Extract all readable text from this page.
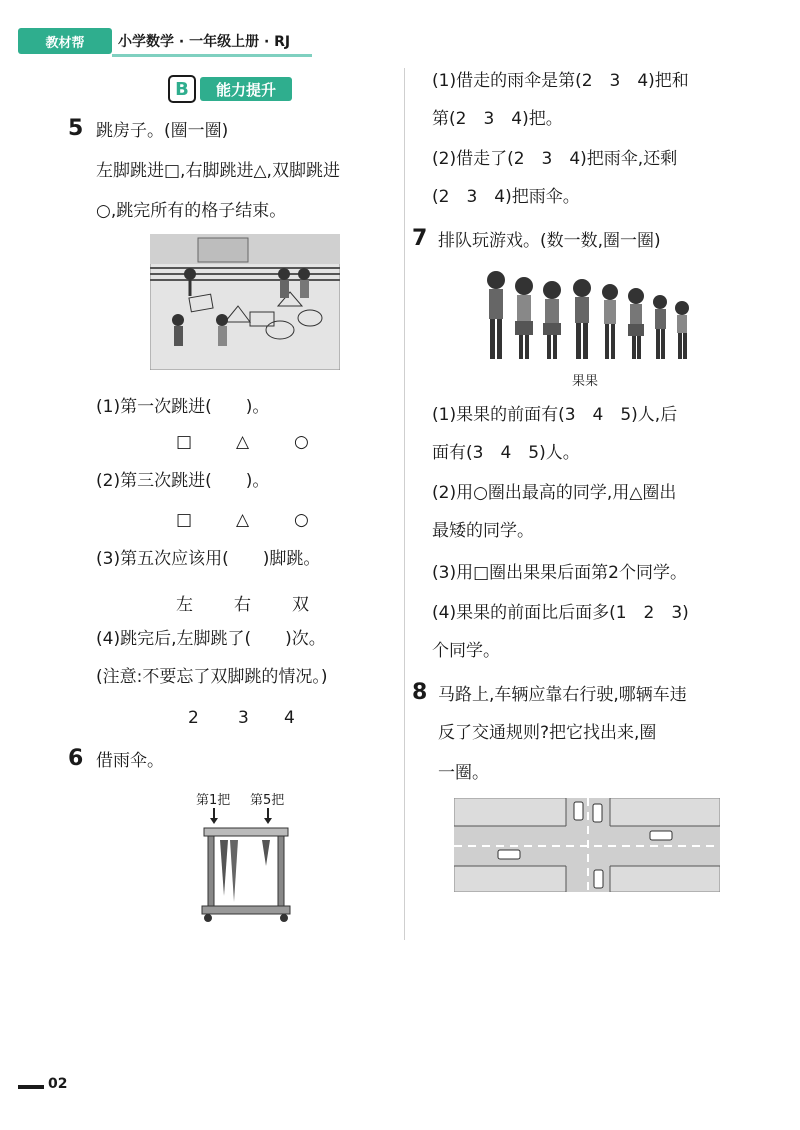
教材帮	小学数学 · 一年级上册 · RJ
B	能力提升
5 跳房子。(圈一圈)
左脚跳进□,右脚跳进△,双脚跳进
○,跳完所有的格子结束。
(1)第一次跳进(　　)。
□	△	○
(2)第三次跳进(　　)。
□	△	○
(3)第五次应该用(　　)脚跳。
左 右 双
(4)跳完后,左脚跳了(　　)次。
(注意:不要忘了双脚跳的情况。)
2 3 4
6 借雨伞。
第1把 第5把
(1)借走的雨伞是第(2　3　4)把和
第(2　3　4)把。
(2)借走了(2　3　4)把雨伞,还剩
(2　3　4)把雨伞。
7 排队玩游戏。(数一数,圈一圈)
果果
(1)果果的前面有(3　4　5)人,后
面有(3　4　5)人。
(2)用○圈出最高的同学,用△圈出
最矮的同学。
(3)用□圈出果果后面第2个同学。
(4)果果的前面比后面多(1　2　3)
个同学。
8 马路上,车辆应靠右行驶,哪辆车违
反了交通规则?把它找出来,圈
一圈。
02
